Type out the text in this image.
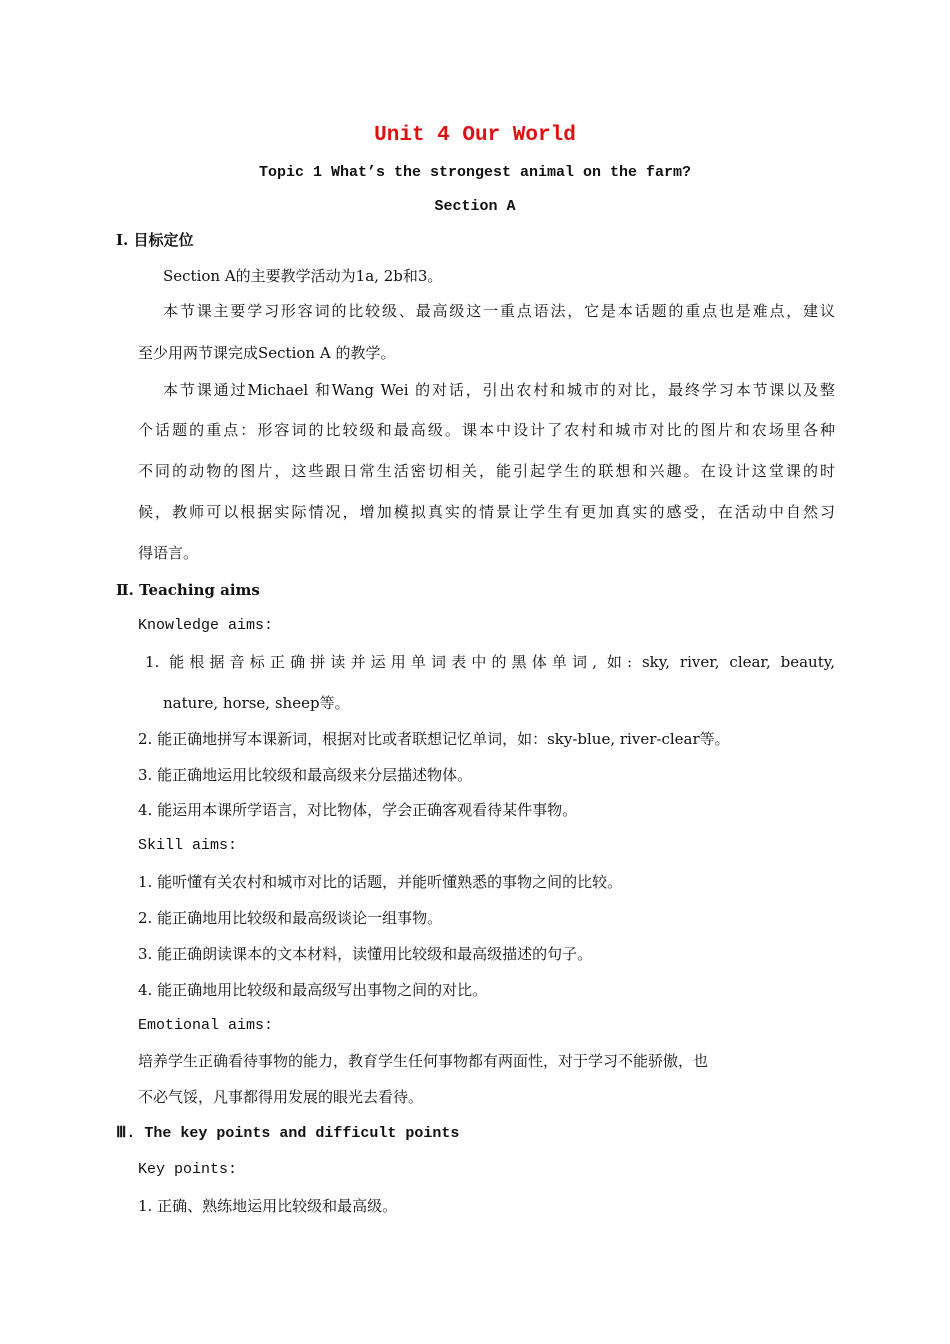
Unit 4 Our World
Topic 1 What’s the strongest animal on the farm?
Section A
Ⅰ. 目标定位
Section A的主要教学活动为1a, 2b和3。
本节课主要学习形容词的比较级、最高级这一重点语法，它是本话题的重点也是难点，建议
至少用两节课完成Section A 的教学。
本节课通过Michael 和Wang Wei 的对话，引出农村和城市的对比，最终学习本节课以及整
个话题的重点：形容词的比较级和最高级。课本中设计了农村和城市对比的图片和农场里各种
不同的动物的图片，这些跟日常生活密切相关，能引起学生的联想和兴趣。在设计这堂课的时
候，教师可以根据实际情况，增加模拟真实的情景让学生有更加真实的感受，在活动中自然习
得语言。
Ⅱ. Teaching aims
Knowledge aims:
1. 能根据音标正确拼读并运用单词表中的黑体单词, 如: sky, river, clear, beauty,
nature, horse, sheep等。
2. 能正确地拼写本课新词，根据对比或者联想记忆单词，如：sky-blue, river-clear等。
3. 能正确地运用比较级和最高级来分层描述物体。
4. 能运用本课所学语言，对比物体，学会正确客观看待某件事物。
Skill aims:
1. 能听懂有关农村和城市对比的话题，并能听懂熟悉的事物之间的比较。
2. 能正确地用比较级和最高级谈论一组事物。
3. 能正确朗读课本的文本材料，读懂用比较级和最高级描述的句子。
4. 能正确地用比较级和最高级写出事物之间的对比。
Emotional aims:
培养学生正确看待事物的能力，教育学生任何事物都有两面性，对于学习不能骄傲，也
不必气馁，凡事都得用发展的眼光去看待。
Ⅲ. The key points and difficult points
Key points:
1. 正确、熟练地运用比较级和最高级。
